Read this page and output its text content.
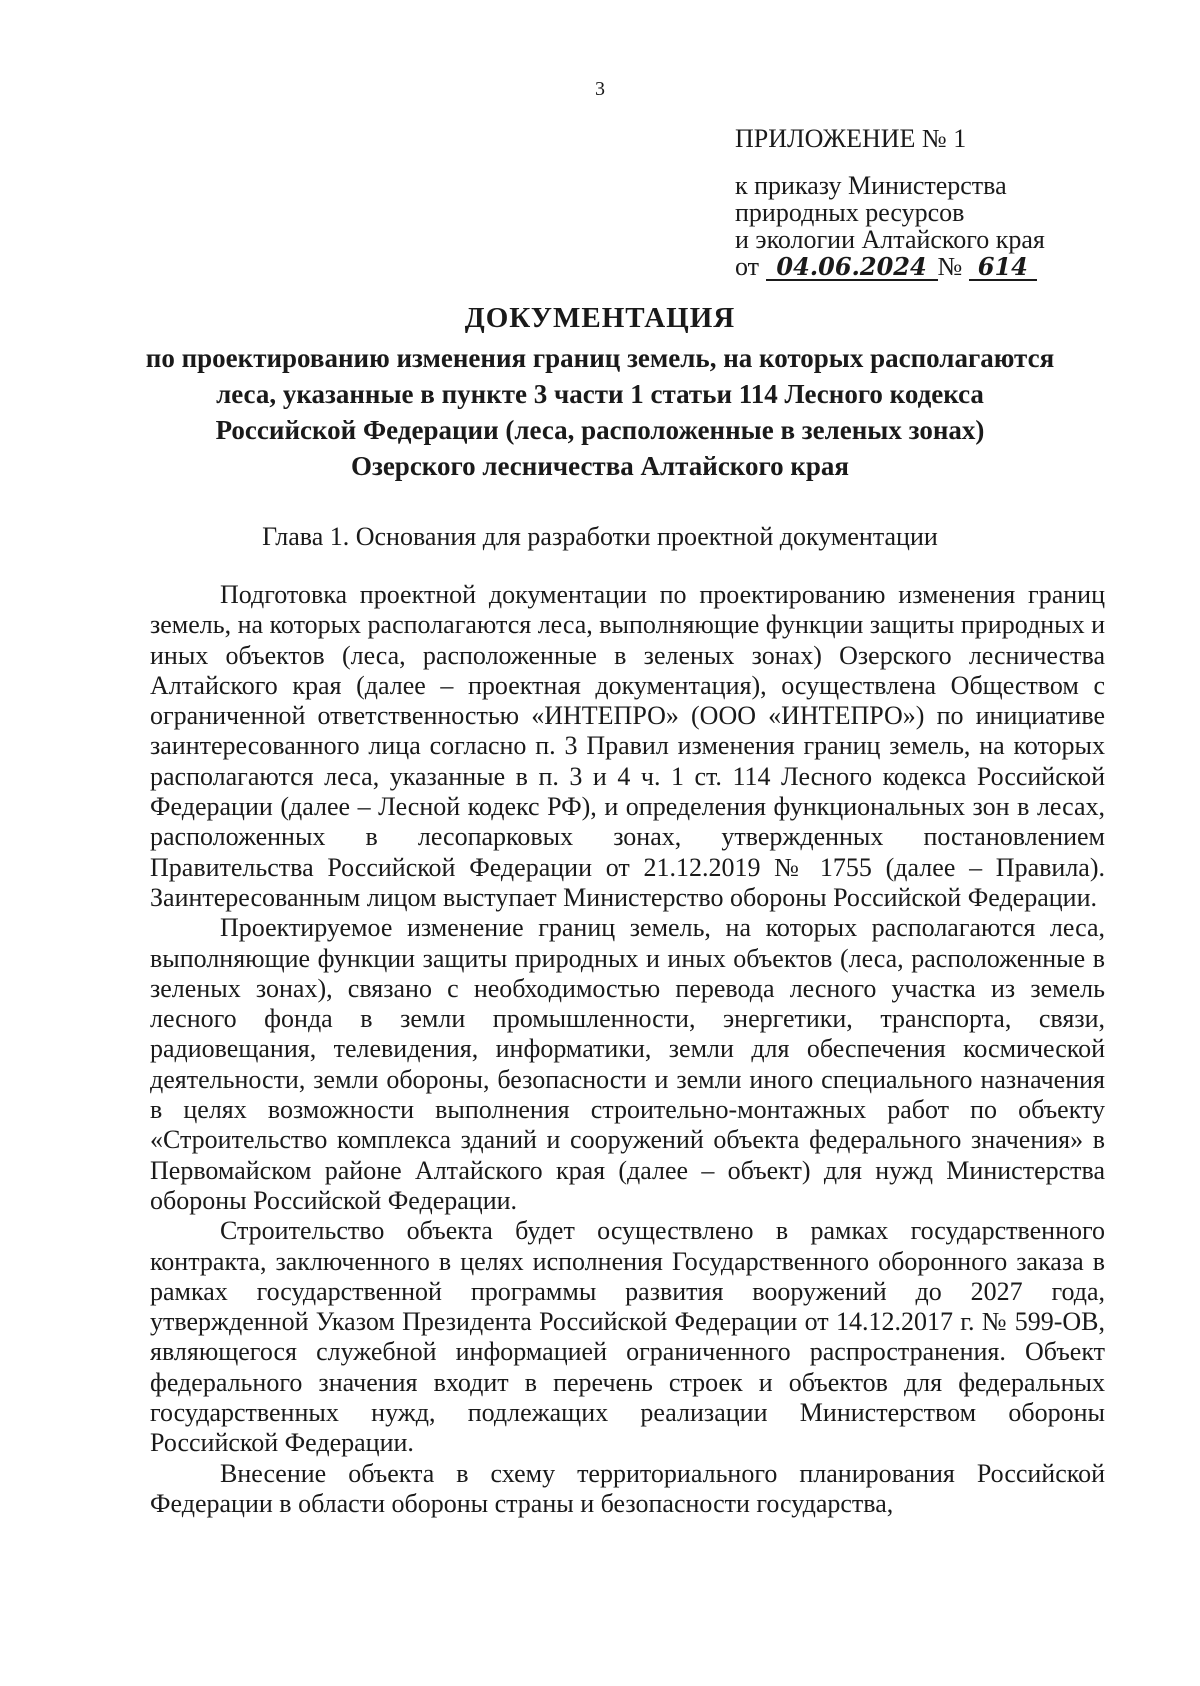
3
ПРИЛОЖЕНИЕ № 1
к приказу Министерства
природных ресурсов
и экологии Алтайского края
от 04.06.2024 № 614
ДОКУМЕНТАЦИЯ
по проектированию изменения границ земель, на которых располагаются
леса, указанные в пункте 3 части 1 статьи 114 Лесного кодекса
Российской Федерации (леса, расположенные в зеленых зонах)
Озерского лесничества Алтайского края
Глава 1. Основания для разработки проектной документации

Подготовка проектной документации по проектированию изменения границ земель, на которых располагаются леса, выполняющие функции защиты природных и иных объектов (леса, расположенные в зеленых зонах) Озерского лесничества Алтайского края (далее – проектная документация), осуществлена Обществом с ограниченной ответственностью «ИНТЕПРО» (ООО «ИНТЕПРО») по инициативе заинтересованного лица согласно п. 3 Правил изменения границ земель, на которых располагаются леса, указанные в п. 3 и 4 ч. 1 ст. 114 Лесного кодекса Российской Федерации (далее – Лесной кодекс РФ), и определения функциональных зон в лесах, расположенных в лесопарковых зонах, утвержденных постановлением Правительства Российской Федерации от 21.12.2019 № 1755 (далее – Правила). Заинтересованным лицом выступает Министерство обороны Российской Федерации.

Проектируемое изменение границ земель, на которых располагаются леса, выполняющие функции защиты природных и иных объектов (леса, расположенные в зеленых зонах), связано с необходимостью перевода лесного участка из земель лесного фонда в земли промышленности, энергетики, транспорта, связи, радиовещания, телевидения, информатики, земли для обеспечения космической деятельности, земли обороны, безопасности и земли иного специального назначения в целях возможности выполнения строительно-монтажных работ по объекту «Строительство комплекса зданий и сооружений объекта федерального значения» в Первомайском районе Алтайского края (далее – объект) для нужд Министерства обороны Российской Федерации.

Строительство объекта будет осуществлено в рамках государственного контракта, заключенного в целях исполнения Государственного оборонного заказа в рамках государственной программы развития вооружений до 2027 года, утвержденной Указом Президента Российской Федерации от 14.12.2017 г. № 599-ОВ, являющегося служебной информацией ограниченного распространения. Объект федерального значения входит в перечень строек и объектов для федеральных государственных нужд, подлежащих реализации Министерством обороны Российской Федерации.

Внесение объекта в схему территориального планирования Российской Федерации в области обороны страны и безопасности государства,
